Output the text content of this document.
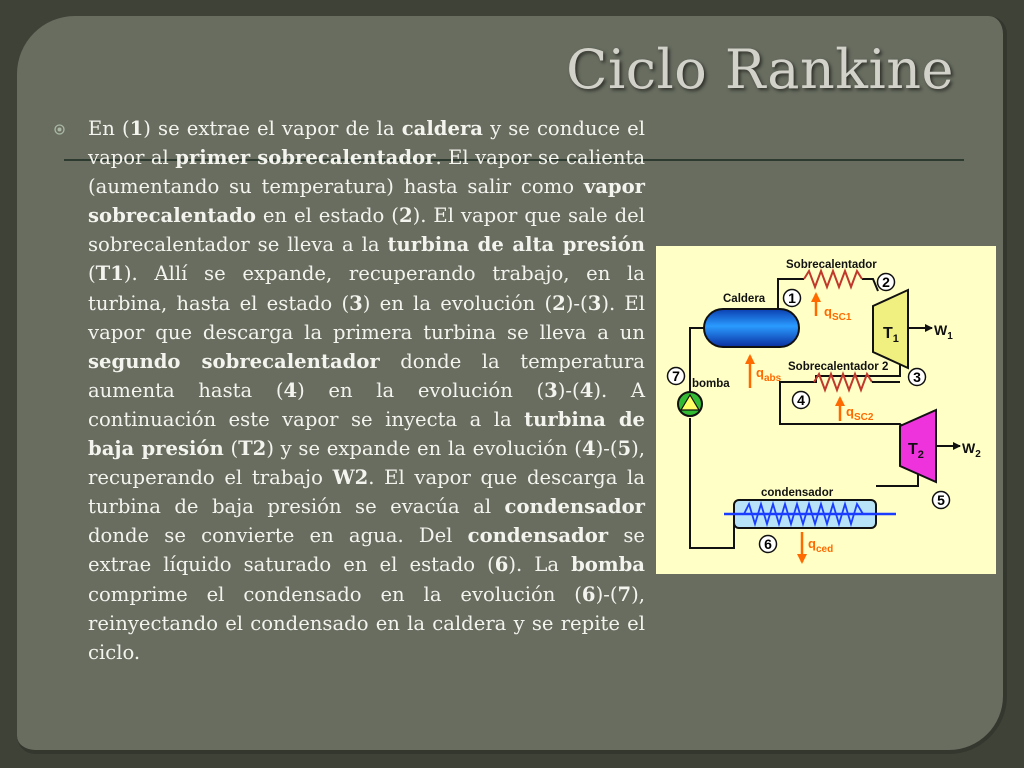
Ciclo Rankine

En (1) se extrae el vapor de la caldera y se conduce el vapor al primer sobrecalentador. El vapor se calienta (aumentando su temperatura) hasta salir como vapor sobrecalentado en el estado (2). El vapor que sale del sobrecalentador se lleva a la turbina de alta presión (T1). Allí se expande, recuperando trabajo, en la turbina, hasta el estado (3) en la evolución (2)-(3). El vapor que descarga la primera turbina se lleva a un segundo sobrecalentador donde la temperatura aumenta hasta (4) en la evolución (3)-(4). A continuación este vapor se inyecta a la turbina de baja presión (T2) y se expande en la evolución (4)-(5), recuperando el trabajo W2. El vapor que descarga la turbina de baja presión se evacúa al condensador donde se convierte en agua. Del condensador se extrae líquido saturado en el estado (6). La bomba comprime el condensado en la evolución (6)-(7), reinyectando el condensado en la caldera y se repite el ciclo.

Sobrecalentador
Sobrecalentador 2
Caldera
$T_1$
$W_1$
$T_2$	$W_2$
condensador
bomba
$q_{SC1}$
$q_{abs}$
$q_{SC2}$
$q_{ced}$
1
2
3
4
5
6
7
